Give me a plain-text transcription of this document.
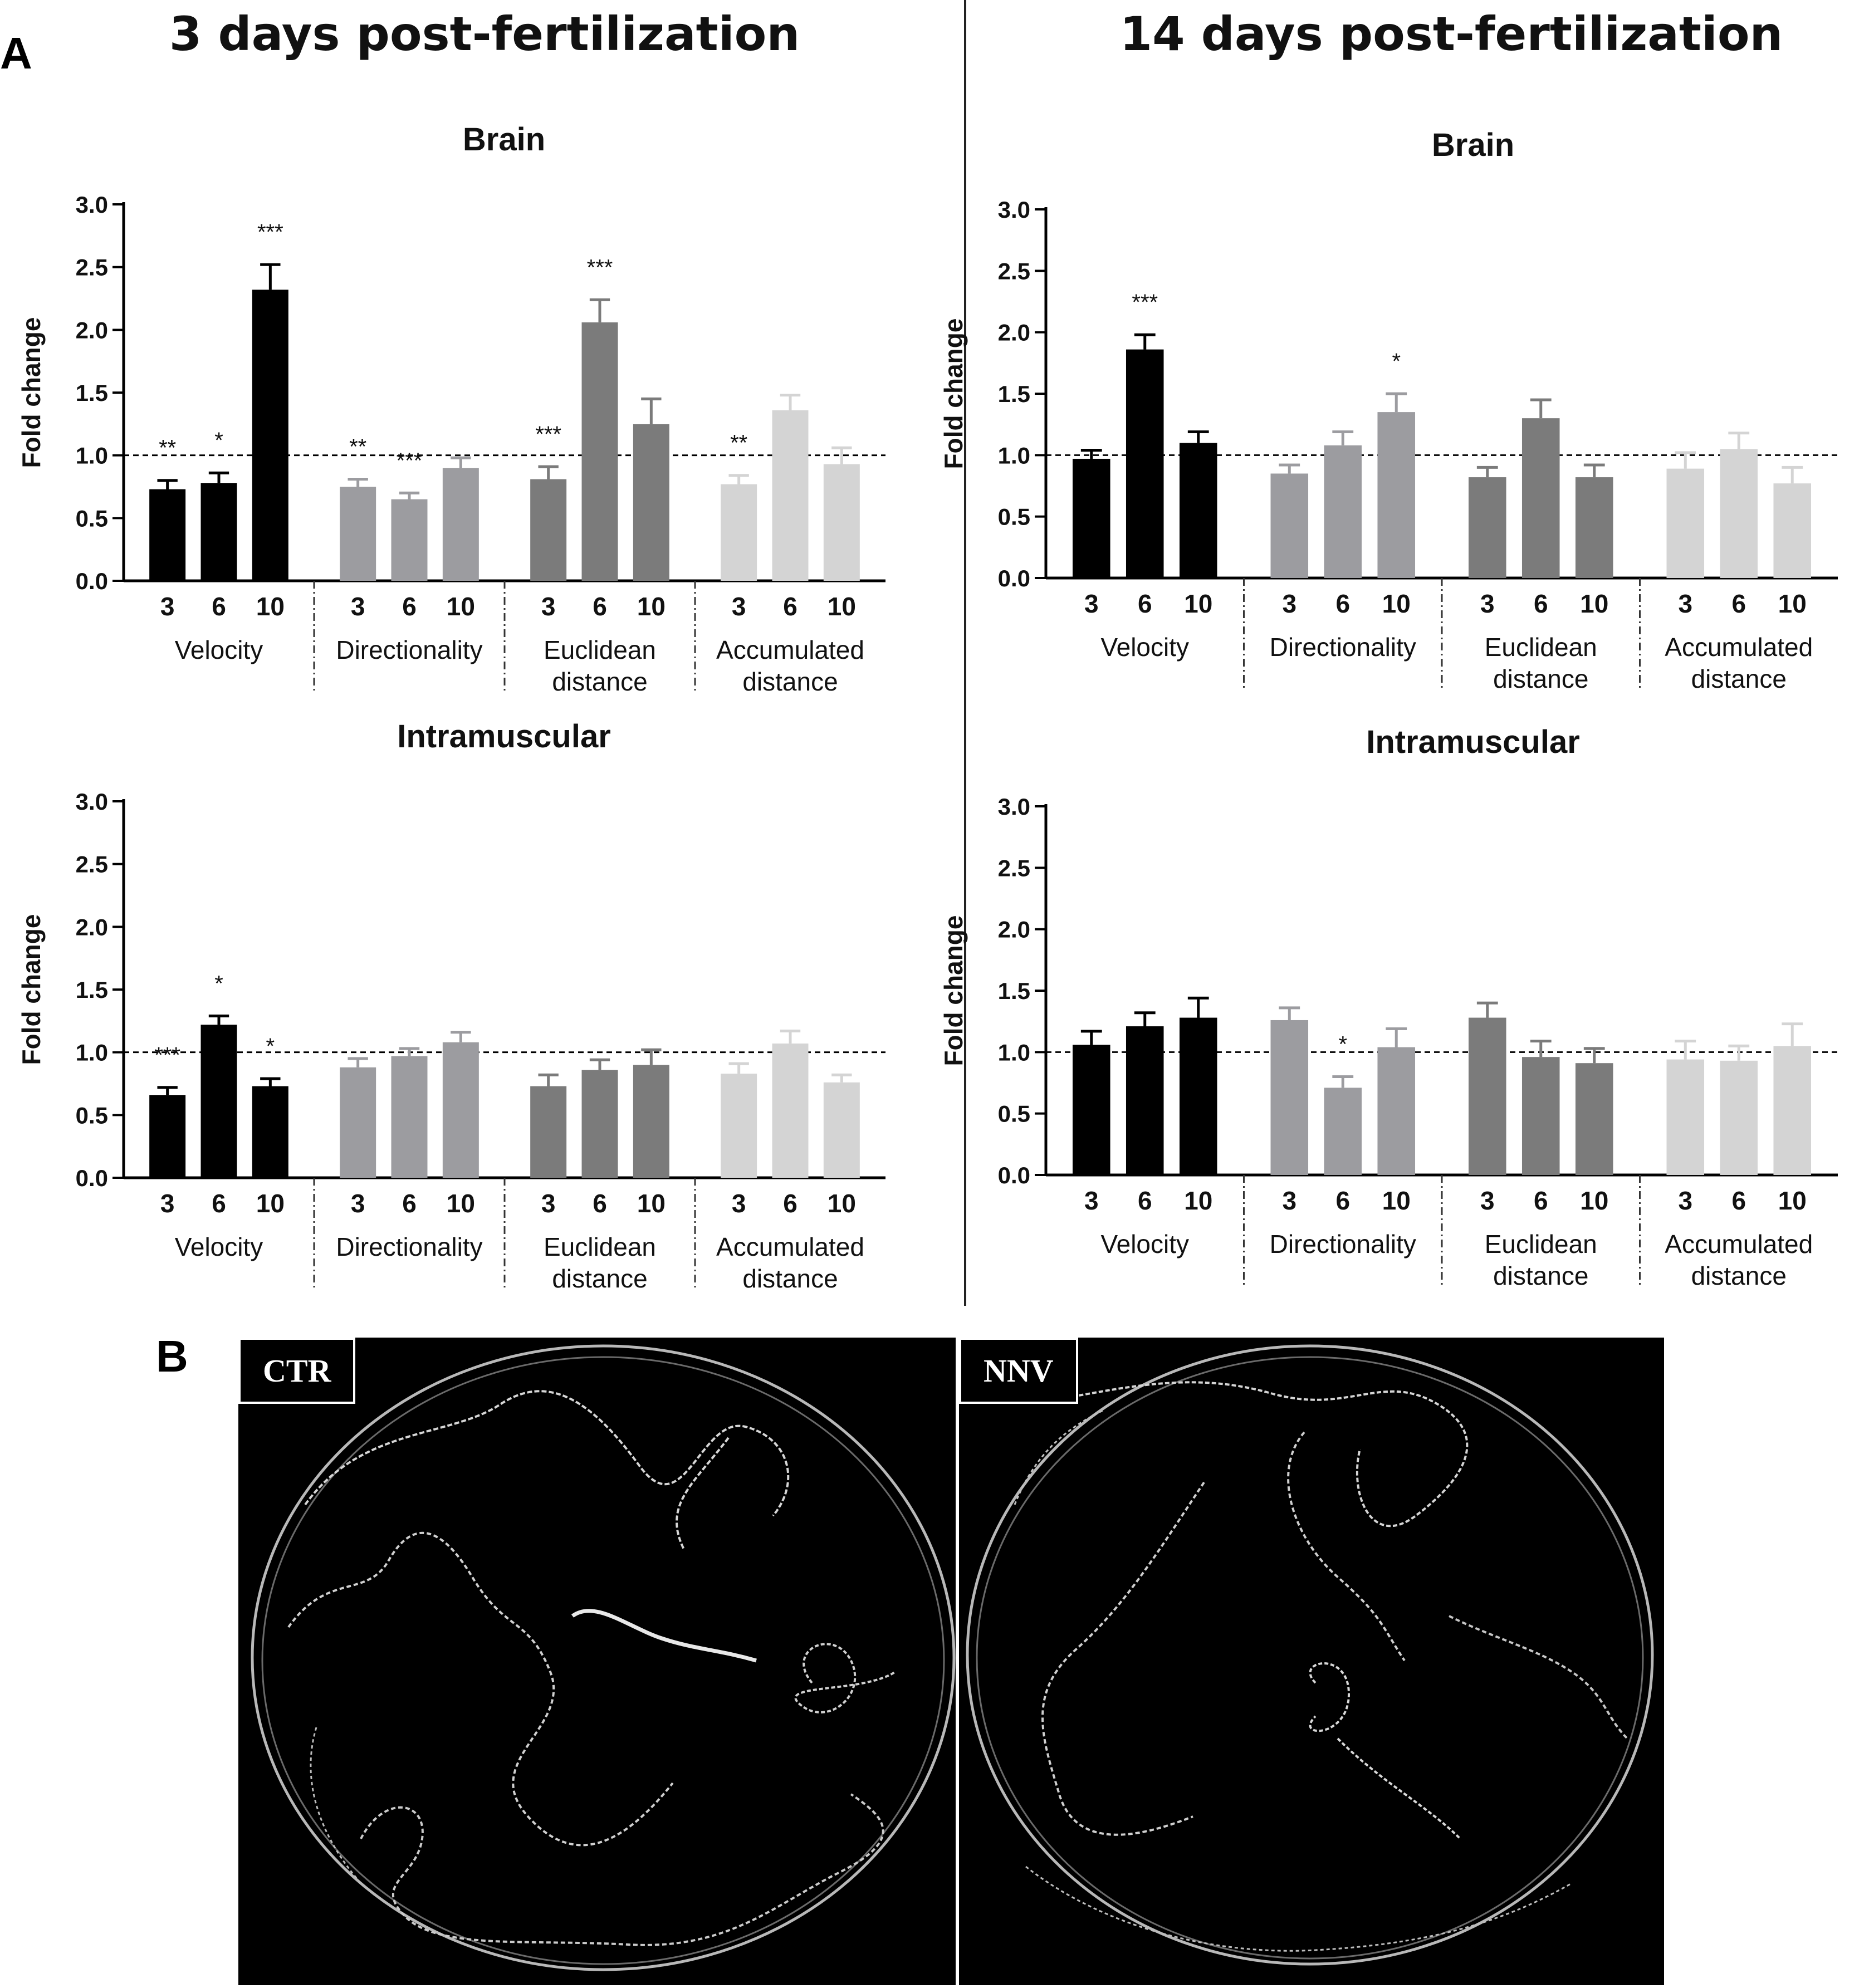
A	3 days post-fertilization	14 days post-fertilization
Brain
Fold change
0.0
0.5
1.0
1.5
2.0
2.5
3.0
**
3
*
6
***
10
Velocity
**
3
***
6 10
Directionality
***
3
***
6 10
Euclidean
distance
**
3 6 10
Accumulated
distance
Brain
Fold change
0.0
0.5
1.0
1.5
2.0
2.5
3.0
3
***
6 10
Velocity
3 6
*
10
Directionality
3 6 10
Euclidean
distance
3 6 10
Accumulated
distance
Intramuscular
Fold change
0.0
0.5
1.0
1.5
2.0
2.5
3.0
***
3
*
6
*
10
Velocity
3 6 10
Directionality
3 6 10
Euclidean
distance
3 6 10
Accumulated
distance
Intramuscular
Fold change
0.0
0.5
1.0
1.5
2.0
2.5
3.0
3 6 10
Velocity
3
*
6 10
Directionality
3 6 10
Euclidean
distance
3 6 10
Accumulated
distance
B	CTR	NNV
